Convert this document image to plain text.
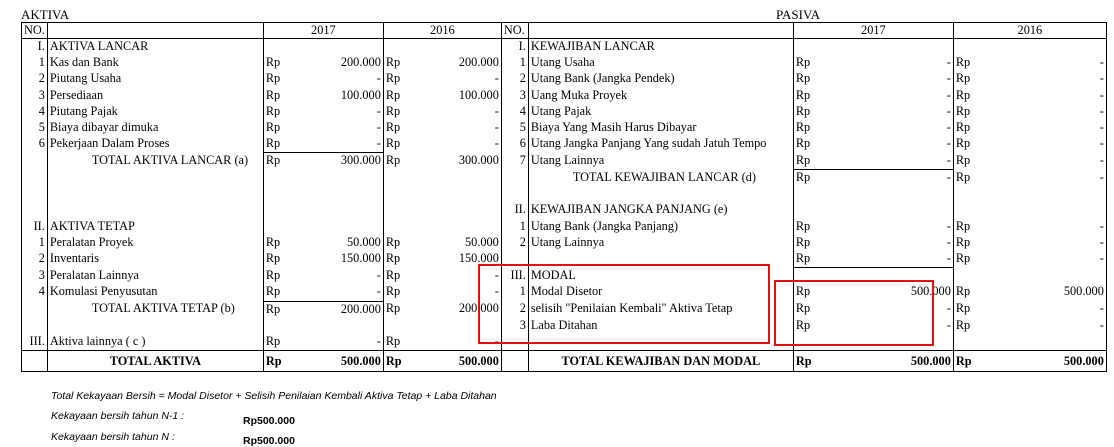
AKTIVA	PASIVA
NO.		2017		2016		NO.		2017		2016	
I.	AKTIVA LANCAR					I.	KEWAJIBAN LANCAR				
1	Kas dan Bank	Rp	200.000	Rp	200.000	1	Utang Usaha	Rp	-	Rp	-
2	Piutang Usaha	Rp	-	Rp	-	2	Utang Bank (Jangka Pendek)	Rp	-	Rp	-
3	Persediaan	Rp	100.000	Rp	100.000	3	Uang Muka Proyek	Rp	-	Rp	-
4	Piutang Pajak	Rp	-	Rp	-	4	Utang Pajak	Rp	-	Rp	-
5	Biaya dibayar dimuka	Rp	-	Rp	-	5	Biaya Yang Masih Harus Dibayar	Rp	-	Rp	-
6	Pekerjaan Dalam Proses	Rp	-	Rp	-	6	Utang Jangka Panjang Yang sudah Jatuh Tempo	Rp	-	Rp	-
	TOTAL AKTIVA LANCAR (a)	Rp	300.000	Rp	300.000	7	Utang Lainnya	Rp	-	Rp	-
							TOTAL KEWAJIBAN LANCAR (d)	Rp	-	Rp	-

						II.	KEWAJIBAN JANGKA PANJANG (e)				
II.	AKTIVA TETAP					1	Utang Bank (Jangka Panjang)	Rp	-	Rp	-
1	Peralatan Proyek	Rp	50.000	Rp	50.000	2	Utang Lainnya	Rp	-	Rp	-
2	Inventaris	Rp	150.000	Rp	150.000			Rp	-	Rp	-
3	Peralatan Lainnya	Rp	-	Rp	-	III.	MODAL				
4	Komulasi Penyusutan	Rp	-	Rp	-	1	Modal Disetor	Rp	500.000	Rp	500.000
	TOTAL AKTIVA TETAP (b)	Rp	200.000	Rp	200.000	2	selisih "Penilaian Kembali" Aktiva Tetap	Rp	-	Rp	-
						3	Laba Ditahan	Rp	-	Rp	-
III.	Aktiva lainnya ( c )	Rp	-	Rp	-						
	TOTAL AKTIVA	Rp	500.000	Rp	500.000		TOTAL KEWAJIBAN DAN MODAL	Rp	500.000	Rp	500.000
Total Kekayaan Bersih = Modal Disetor + Selisih Penilaian Kembali Aktiva Tetap + Laba Ditahan
Kekayaan bersih tahun N-1 :	Rp500.000
Kekayaan bersih tahun N :	Rp500.000
